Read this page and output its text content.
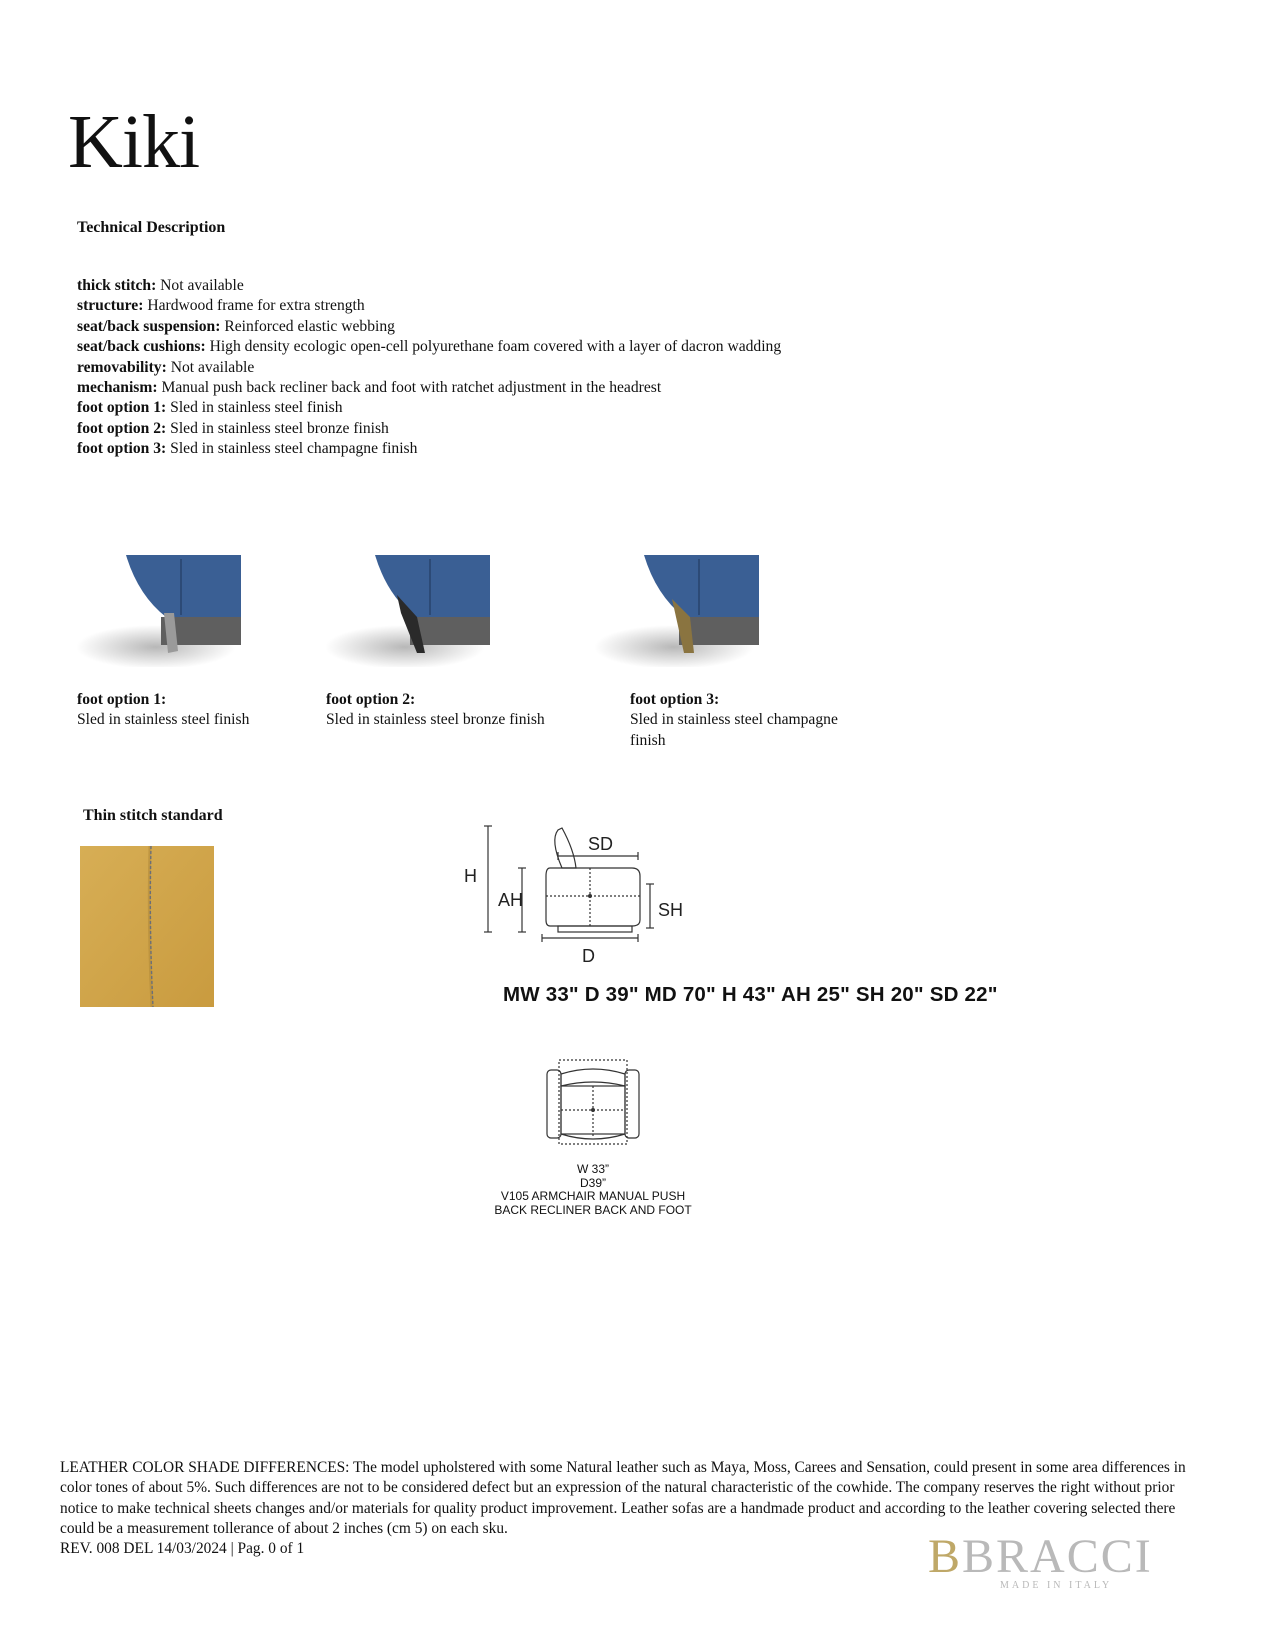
Kiki
Technical Description
thick stitch: Not available
structure: Hardwood frame for extra strength
seat/back suspension: Reinforced elastic webbing
seat/back cushions: High density ecologic open-cell polyurethane foam covered with a layer of dacron wadding
removability: Not available
mechanism: Manual push back recliner back and foot with ratchet adjustment in the headrest
foot option 1: Sled in stainless steel finish
foot option 2: Sled in stainless steel bronze finish
foot option 3: Sled in stainless steel champagne finish
foot option 1:
Sled in stainless steel finish
foot option 2:
Sled in stainless steel bronze finish
foot option 3:
Sled in stainless steel champagne finish
Thin stitch standard
H
AH
SD
SH
D
MW 33" D 39" MD 70" H 43" AH 25" SH 20" SD 22"
W 33”
D39”
V105 ARMCHAIR MANUAL PUSH
BACK RECLINER BACK AND FOOT
LEATHER COLOR SHADE DIFFERENCES: The model upholstered with some Natural leather such as Maya, Moss, Carees and Sensation, could present in some area differences in color tones of about 5%. Such differences are not to be considered defect but an expression of the natural characteristic of the cowhide. The company reserves the right without prior notice to make technical sheets changes and/or materials for quality product improvement. Leather sofas are a handmade product and according to the leather covering selected there could be a measurement tollerance of about 2 inches (cm 5) on each sku.
REV. 008 DEL 14/03/2024 | Pag. 0 of 1	B BRACCI
MADE IN ITALY
